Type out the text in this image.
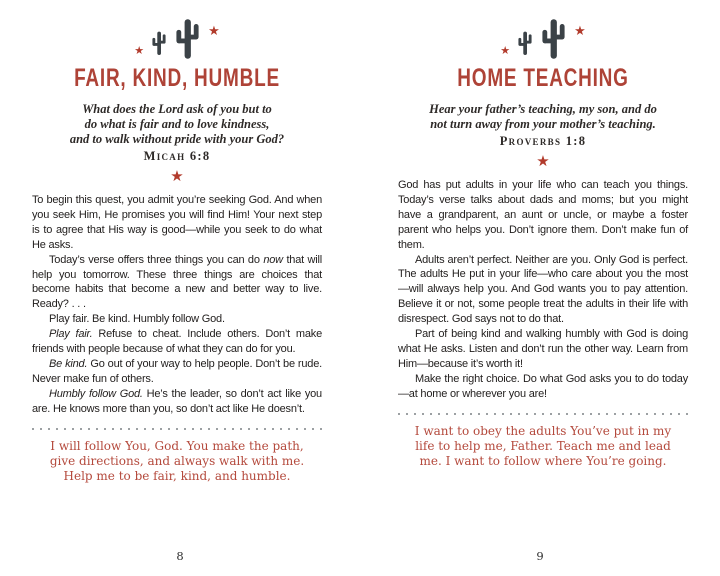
★
★
FAIR, KIND, HUMBLE
What does the Lord ask of you but to
do what is fair and to love kindness,
and to walk without pride with your God?
Micah 6:8
★

To begin this quest, you admit you’re seeking God. And when you seek Him, He promises you will find Him! Your next step is to agree that His way is good—while you seek to do what He asks.

Today’s verse offers three things you can do now that will help you tomorrow. These three things are choices that become habits that become a new and better way to live. Ready? . . .

Play fair. Be kind. Humbly follow God.

Play fair. Refuse to cheat. Include others. Don’t make friends with people because of what they can do for you.

Be kind. Go out of your way to help people. Don’t be rude. Never make fun of others.

Humbly follow God. He’s the leader, so don’t act like you are. He knows more than you, so don’t act like He doesn’t.

I will follow You, God. You make the path,
give directions, and always walk with me.
Help me to be fair, kind, and humble.
8
★
★
HOME TEACHING
Hear your father’s teaching, my son, and do
not turn away from your mother’s teaching.
Proverbs 1:8
★

God has put adults in your life who can teach you things. Today’s verse talks about dads and moms; but you might have a grandparent, an aunt or uncle, or maybe a foster parent who helps you. Don’t ignore them. Don’t make fun of them.

Adults aren’t perfect. Neither are you. Only God is perfect. The adults He put in your life—who care about you the most—will always help you. And God wants you to pay attention. Believe it or not, some people treat the adults in their life with disrespect. God says not to do that.

Part of being kind and walking humbly with God is doing what He asks. Listen and don’t run the other way. Learn from Him—because it’s worth it!

Make the right choice. Do what God asks you to do today—at home or wherever you are!

I want to obey the adults You’ve put in my
life to help me, Father. Teach me and lead
me. I want to follow where You’re going.
9
